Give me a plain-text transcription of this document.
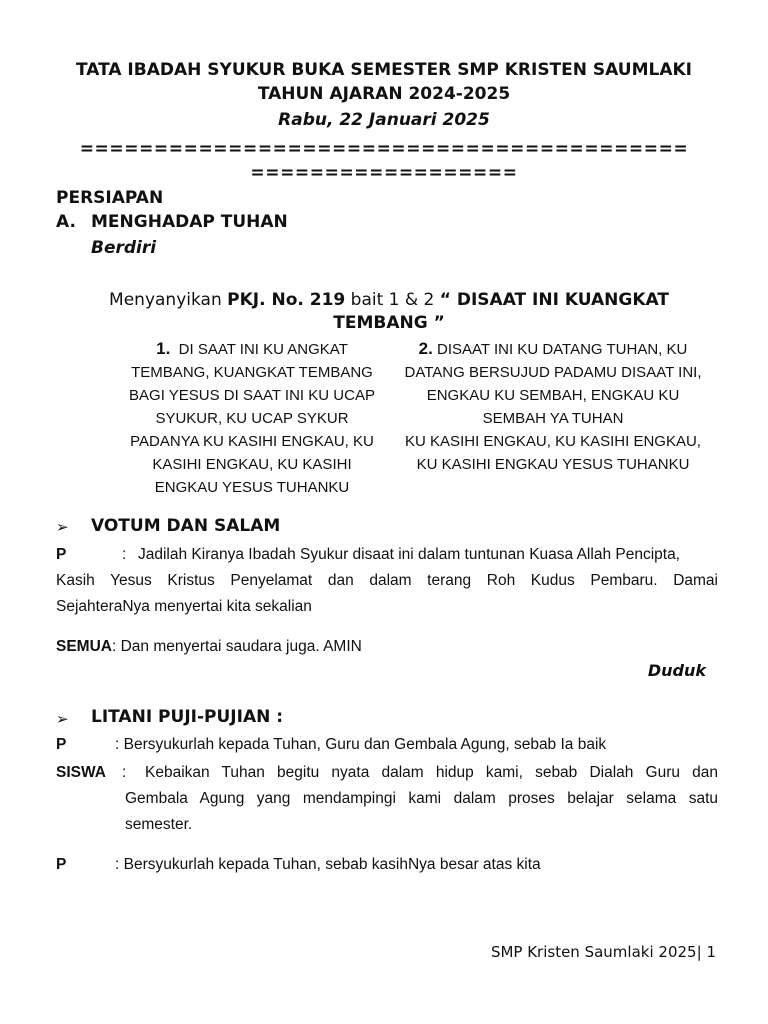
TATA IBADAH SYUKUR BUKA SEMESTER SMP KRISTEN SAUMLAKI
TAHUN AJARAN 2024-2025
Rabu, 22 Januari 2025
=========================================
==================
PERSIAPAN
A. MENGHADAP TUHAN
Berdiri
Menyanyikan PKJ. No. 219 bait 1 & 2 “ DISAAT INI KUANGKAT
TEMBANG ”
1. DI SAAT INI KU ANGKAT
TEMBANG, KUANGKAT TEMBANG
BAGI YESUS DI SAAT INI KU UCAP
SYUKUR, KU UCAP SYKUR
PADANYA KU KASIHI ENGKAU, KU
KASIHI ENGKAU, KU KASIHI
ENGKAU YESUS TUHANKU
2. DISAAT INI KU DATANG TUHAN, KU
DATANG BERSUJUD PADAMU DISAAT INI,
ENGKAU KU SEMBAH, ENGKAU KU
SEMBAH YA TUHAN
KU KASIHI ENGKAU, KU KASIHI ENGKAU,
KU KASIHI ENGKAU YESUS TUHANKU
➢ VOTUM DAN SALAM
P	: Jadilah Kiranya Ibadah Syukur disaat ini dalam tuntunan Kuasa Allah Pencipta,
Kasih Yesus Kristus Penyelamat dan dalam terang Roh Kudus Pembaru. Damai
SejahteraNya menyertai kita sekalian
SEMUA: Dan menyertai saudara juga. AMIN
Duduk
➢ LITANI PUJI-PUJIAN :
P	: Bersyukurlah kepada Tuhan, Guru dan Gembala Agung, sebab Ia baik
SISWA : Kebaikan Tuhan begitu nyata dalam hidup kami, sebab Dialah Guru dan
Gembala Agung yang mendampingi kami dalam proses belajar selama satu
semester.
P	: Bersyukurlah kepada Tuhan, sebab kasihNya besar atas kita
SMP Kristen Saumlaki 2025| 1
